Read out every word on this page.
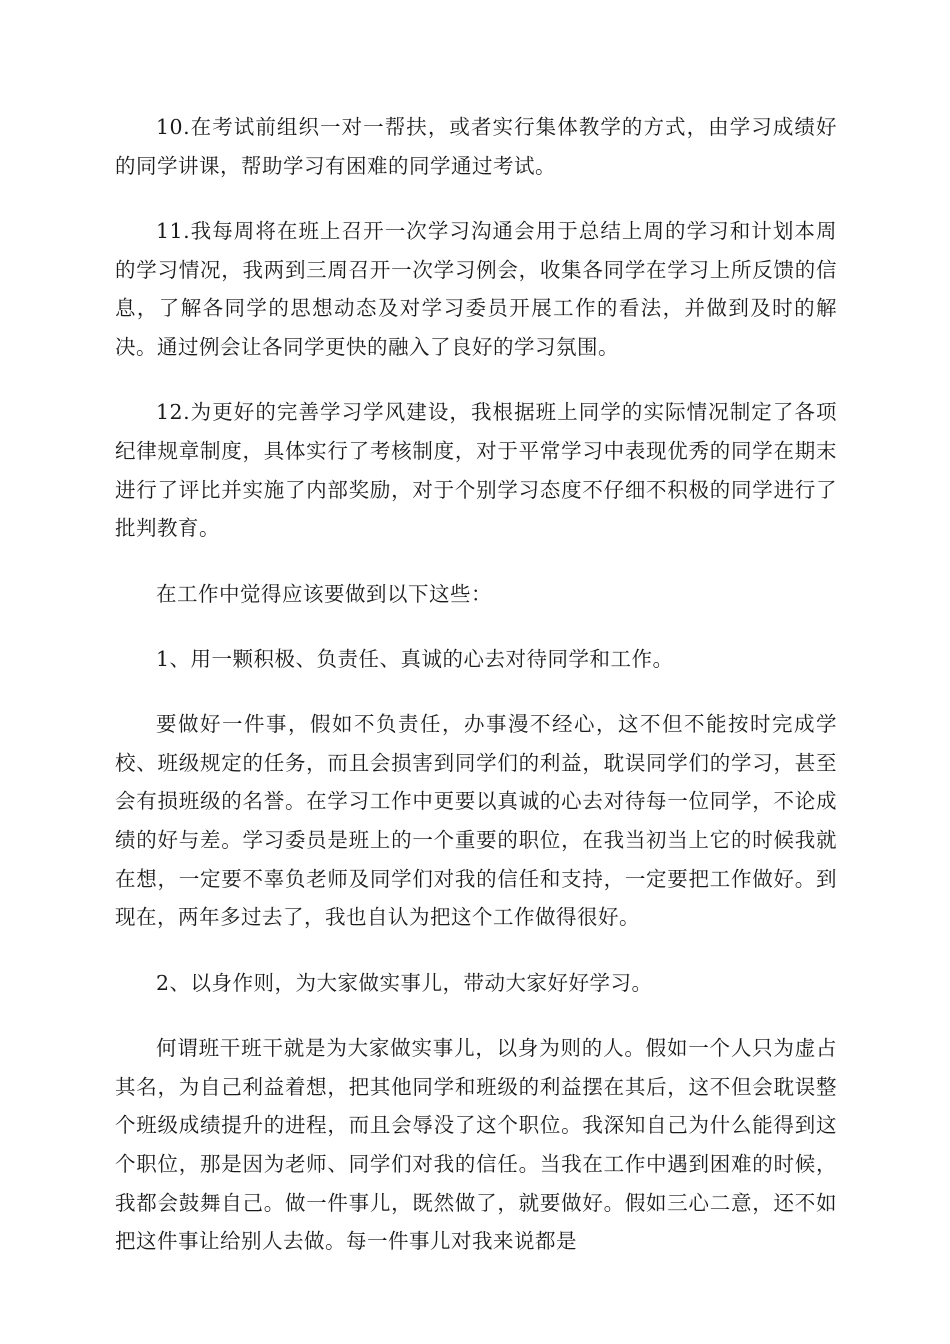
10.在考试前组织一对一帮扶，或者实行集体教学的方式，由学习成绩好的同学讲课，帮助学习有困难的同学通过考试。

11.我每周将在班上召开一次学习沟通会用于总结上周的学习和计划本周的学习情况，我两到三周召开一次学习例会，收集各同学在学习上所反馈的信息，了解各同学的思想动态及对学习委员开展工作的看法，并做到及时的解决。通过例会让各同学更快的融入了良好的学习氛围。

12.为更好的完善学习学风建设，我根据班上同学的实际情况制定了各项纪律规章制度，具体实行了考核制度，对于平常学习中表现优秀的同学在期末进行了评比并实施了内部奖励，对于个别学习态度不仔细不积极的同学进行了批判教育。

在工作中觉得应该要做到以下这些：

1、用一颗积极、负责任、真诚的心去对待同学和工作。

要做好一件事，假如不负责任，办事漫不经心，这不但不能按时完成学校、班级规定的任务，而且会损害到同学们的利益，耽误同学们的学习，甚至会有损班级的名誉。在学习工作中更要以真诚的心去对待每一位同学，不论成绩的好与差。学习委员是班上的一个重要的职位，在我当初当上它的时候我就在想，一定要不辜负老师及同学们对我的信任和支持，一定要把工作做好。到现在，两年多过去了，我也自认为把这个工作做得很好。

2、以身作则，为大家做实事儿，带动大家好好学习。

何谓班干班干就是为大家做实事儿，以身为则的人。假如一个人只为虚占其名，为自己利益着想，把其他同学和班级的利益摆在其后，这不但会耽误整个班级成绩提升的进程，而且会辱没了这个职位。我深知自己为什么能得到这个职位，那是因为老师、同学们对我的信任。当我在工作中遇到困难的时候，我都会鼓舞自己。做一件事儿，既然做了，就要做好。假如三心二意，还不如把这件事让给别人去做。每一件事儿对我来说都是
